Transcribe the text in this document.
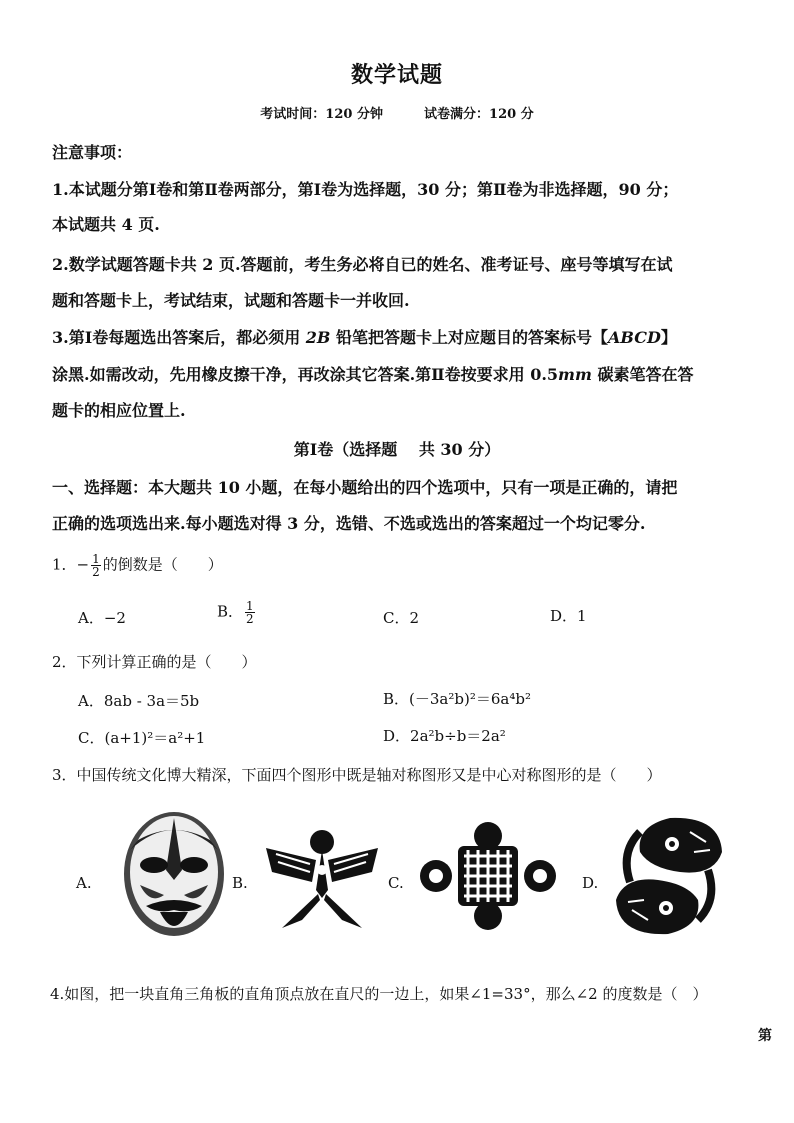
数学试题
考试时间：120 分钟	试卷满分：120 分
注意事项：
1.本试题分第Ⅰ卷和第Ⅱ卷两部分，第Ⅰ卷为选择题，30 分；第Ⅱ卷为非选择题，90 分；
本试题共 4 页.
2.数学试题答题卡共 2 页.答题前，考生务必将自已的姓名、准考证号、座号等填写在试
题和答题卡上，考试结束，试题和答题卡一并收回.
3.第Ⅰ卷每题选出答案后，都必须用 2B 铅笔把答题卡上对应题目的答案标号【ABCD】
涂黑.如需改动，先用橡皮擦干净，再改涂其它答案.第Ⅱ卷按要求用 0.5mm 碳素笔答在答
题卡的相应位置上.
第Ⅰ卷（选择题　 共 30 分）
一、选择题：本大题共 10 小题，在每小题给出的四个选项中，只有一项是正确的，请把
正确的选项选出来.每小题选对得 3 分，选错、不选或选出的答案超过一个均记零分.
1．− $\frac{1}{2}$ 的倒数是（　　）
A．−2	B． $\frac{1}{2}$	C．2	D．1
2．下列计算正确的是（　　）
A．8ab - 3a＝5b	B．(－3a²b)²＝6a⁴b²
C．(a+1)²＝a²+1	D．2a²b÷b＝2a²
3．中国传统文化博大精深，下面四个图形中既是轴对称图形又是中心对称图形的是（　　）
A.	B.	C.	D.
4.如图，把一块直角三角板的直角顶点放在直尺的一边上，如果∠1=33°，那么∠2 的度数是（　）
第
